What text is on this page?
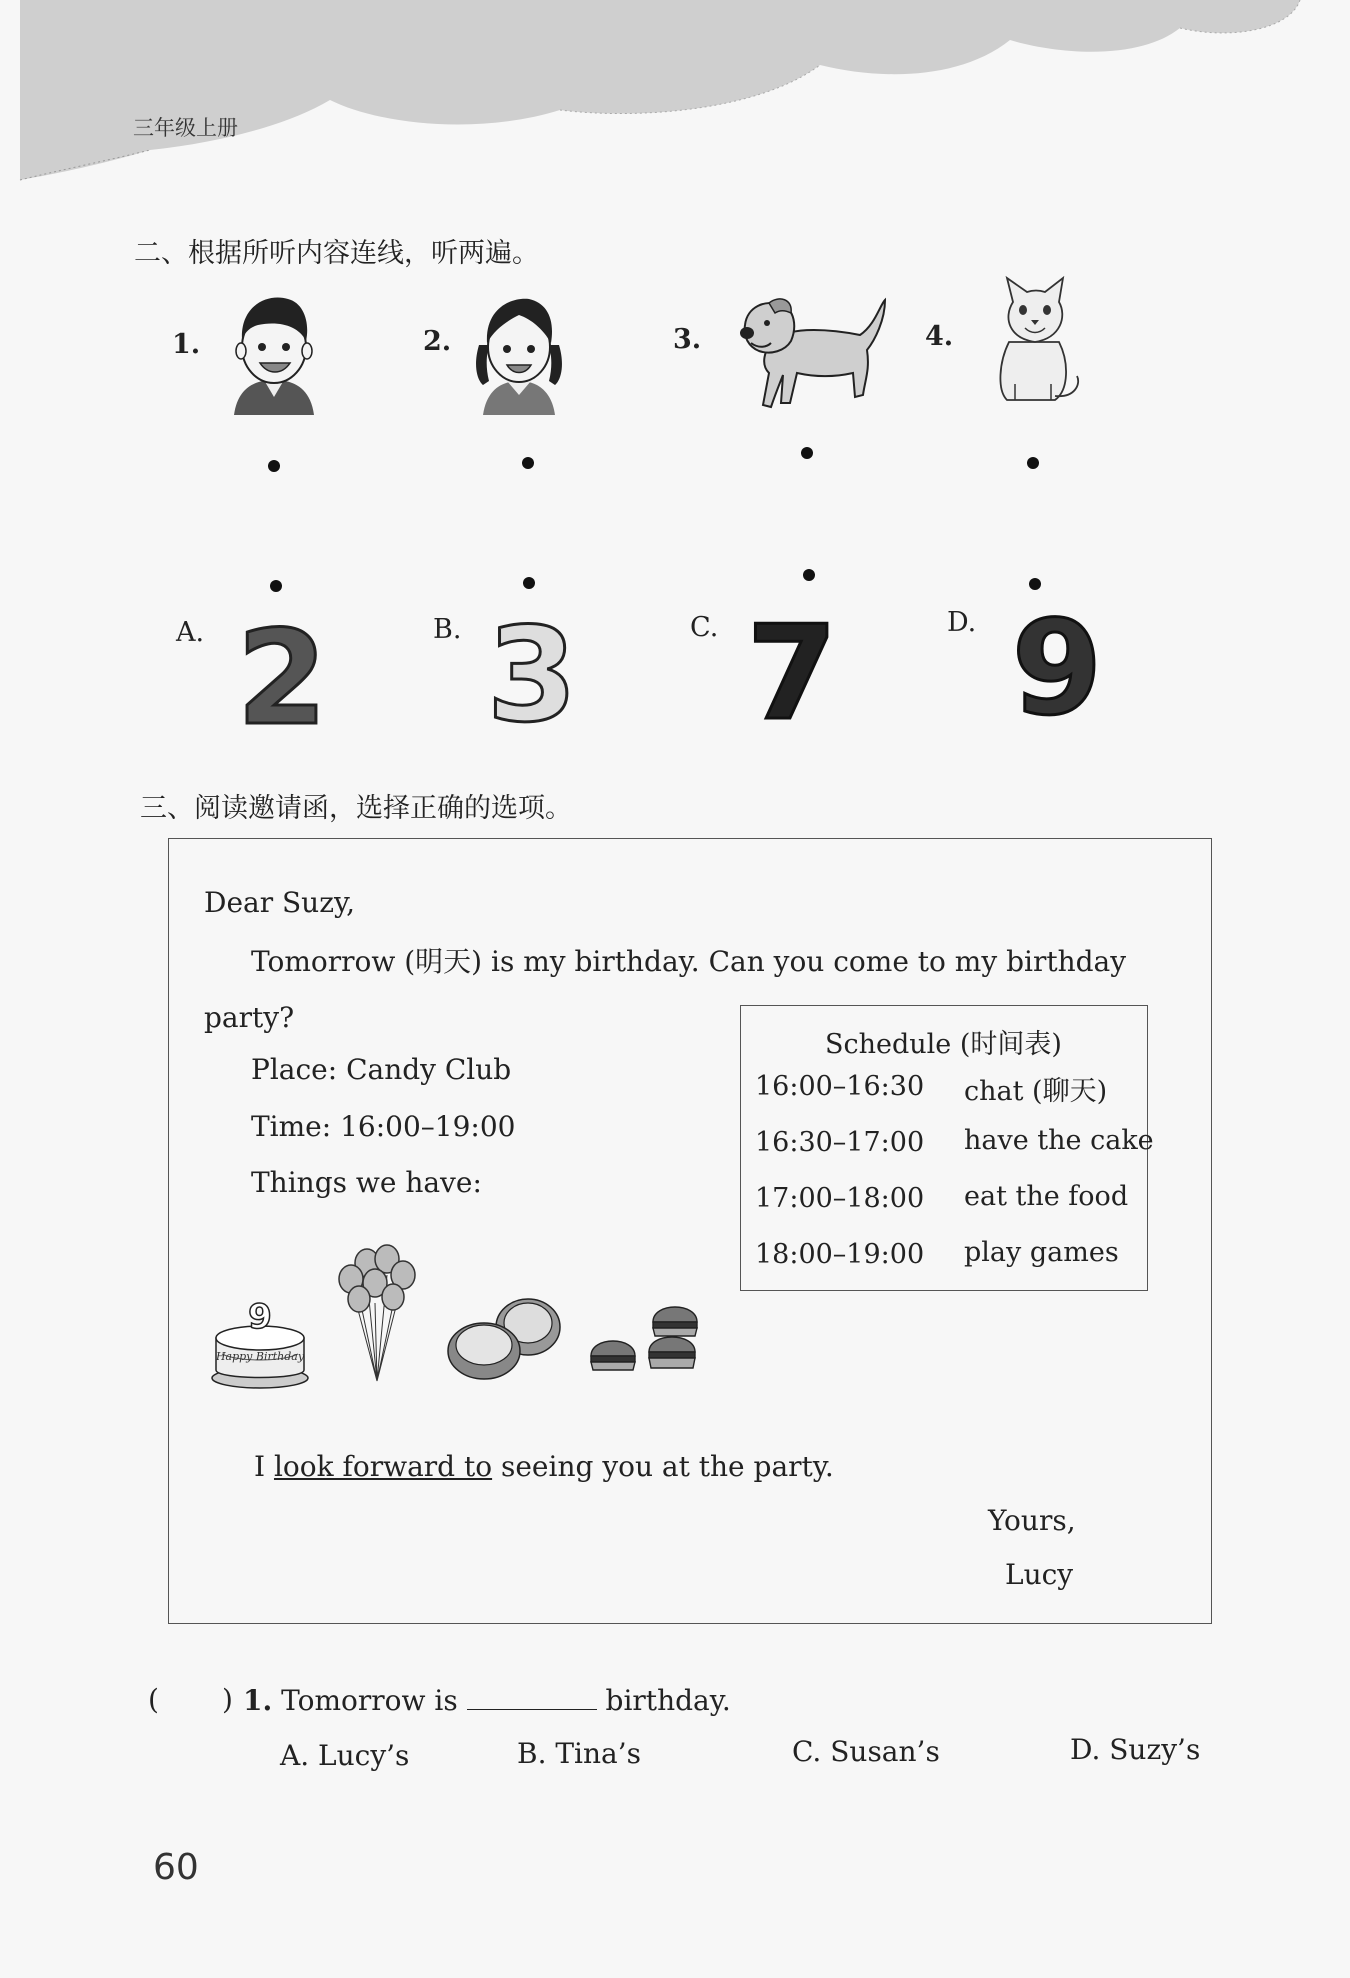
三年级上册
二、根据所听内容连线，听两遍。
1.	2.	3.	4.
A.	B.	C.	D.
2 3 7 9
三、阅读邀请函，选择正确的选项。
Dear Suzy,
Tomorrow (明天) is my birthday. Can you come to my birthday
party?
Place: Candy Club
Time: 16:00–19:00
Things we have:
Schedule (时间表)
16:00–16:30 chat (聊天)
16:30–17:00 have the cake
17:00–18:00 eat the food
18:00–19:00 play games
Happy Birthday
9
I look forward to seeing you at the party.
Yours,
Lucy
( ) 1. Tomorrow is	birthday.
A. Lucy’s	B. Tina’s	C. Susan’s	D. Suzy’s
60
